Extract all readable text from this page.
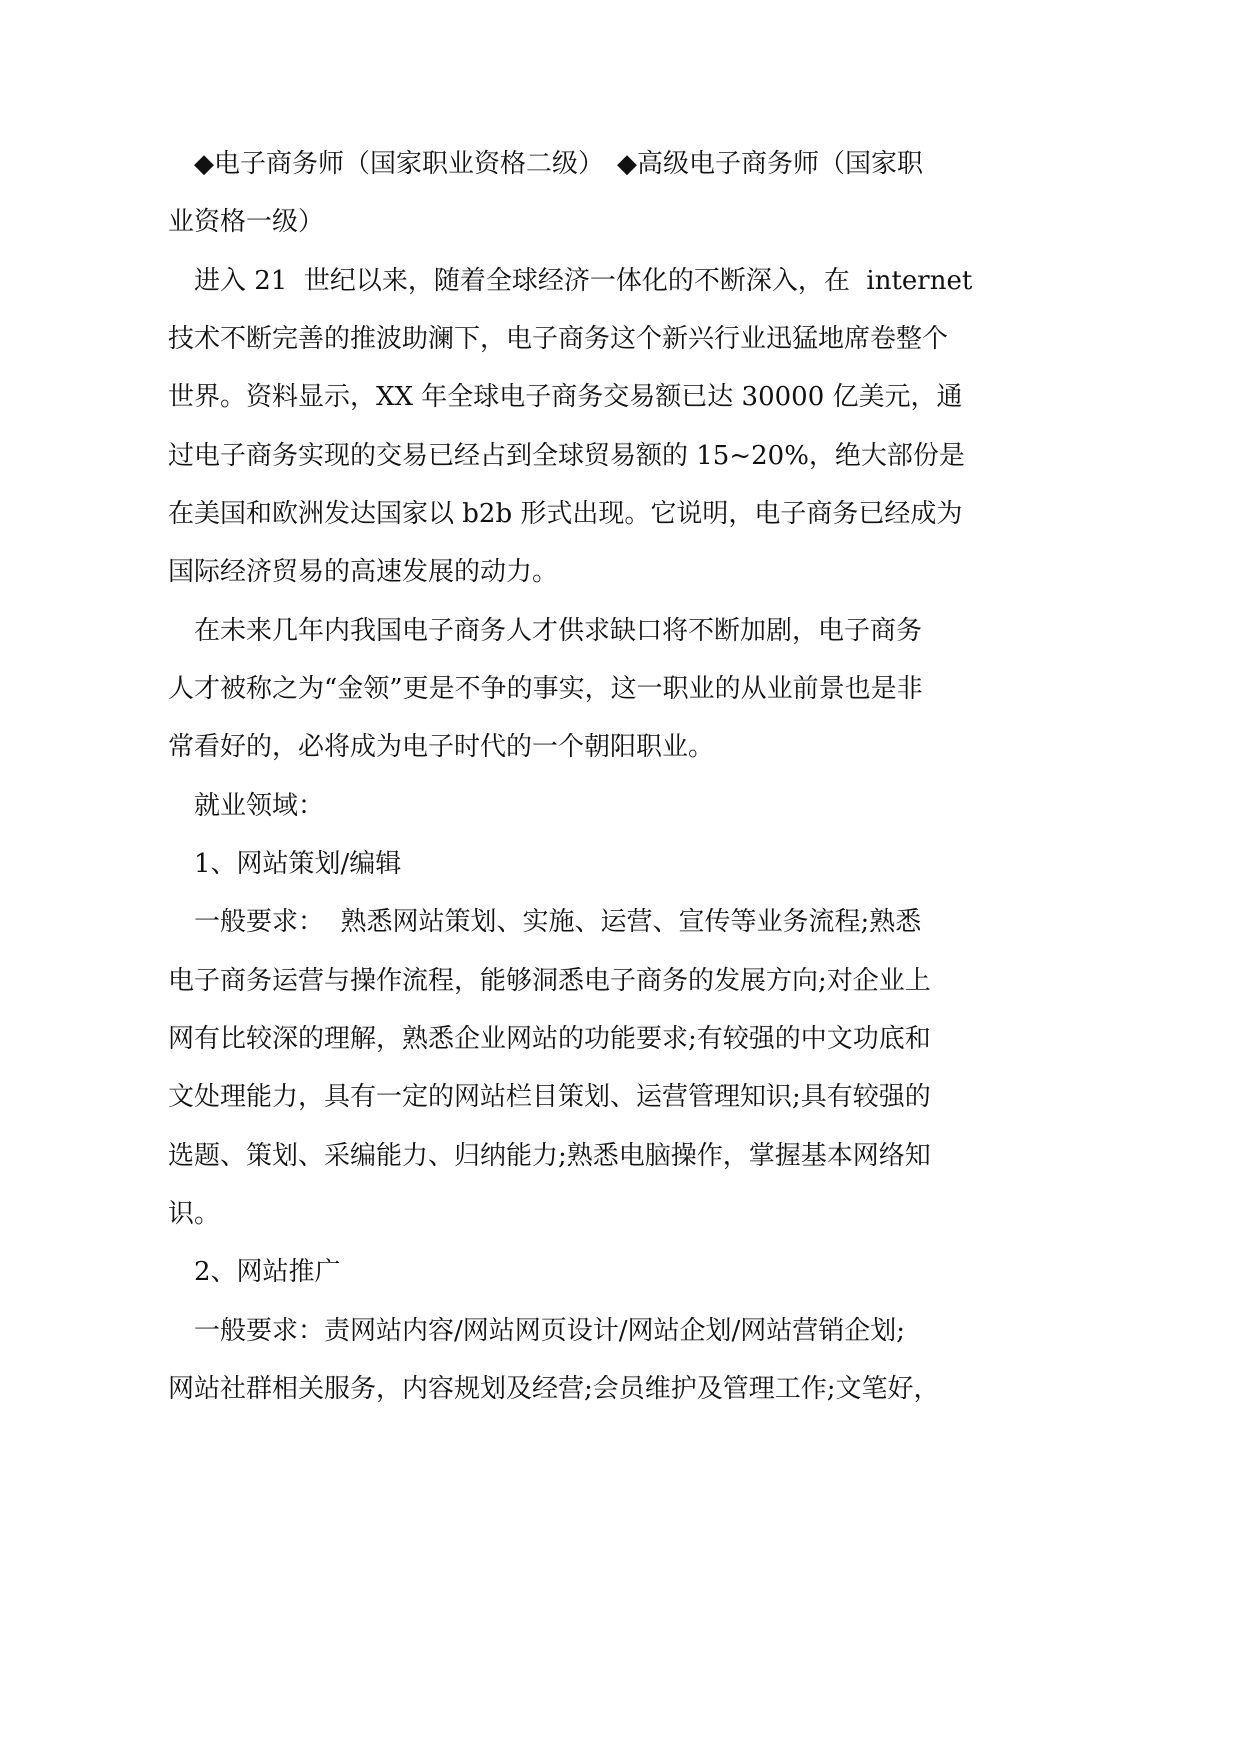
　◆电子商务师（国家职业资格二级）　◆高级电子商务师（国家职

业资格一级）

　进入 21  世纪以来，随着全球经济一体化的不断深入，在  internet

技术不断完善的推波助澜下，电子商务这个新兴行业迅猛地席卷整个

世界。资料显示，XX 年全球电子商务交易额已达 30000 亿美元，通

过电子商务实现的交易已经占到全球贸易额的 15~20%，绝大部份是

在美国和欧洲发达国家以 b2b 形式出现。它说明，电子商务已经成为

国际经济贸易的高速发展的动力。

　在未来几年内我国电子商务人才供求缺口将不断加剧，电子商务

人才被称之为“金领”更是不争的事实，这一职业的从业前景也是非

常看好的，必将成为电子时代的一个朝阳职业。

　就业领域：

　1、网站策划/编辑

　一般要求：  熟悉网站策划、实施、运营、宣传等业务流程;熟悉

电子商务运营与操作流程，能够洞悉电子商务的发展方向;对企业上

网有比较深的理解，熟悉企业网站的功能要求;有较强的中文功底和

文处理能力，具有一定的网站栏目策划、运营管理知识;具有较强的

选题、策划、采编能力、归纳能力;熟悉电脑操作，掌握基本网络知

识。

　2、网站推广

　一般要求：责网站内容/网站网页设计/网站企划/网站营销企划;

网站社群相关服务，内容规划及经营;会员维护及管理工作;文笔好，
